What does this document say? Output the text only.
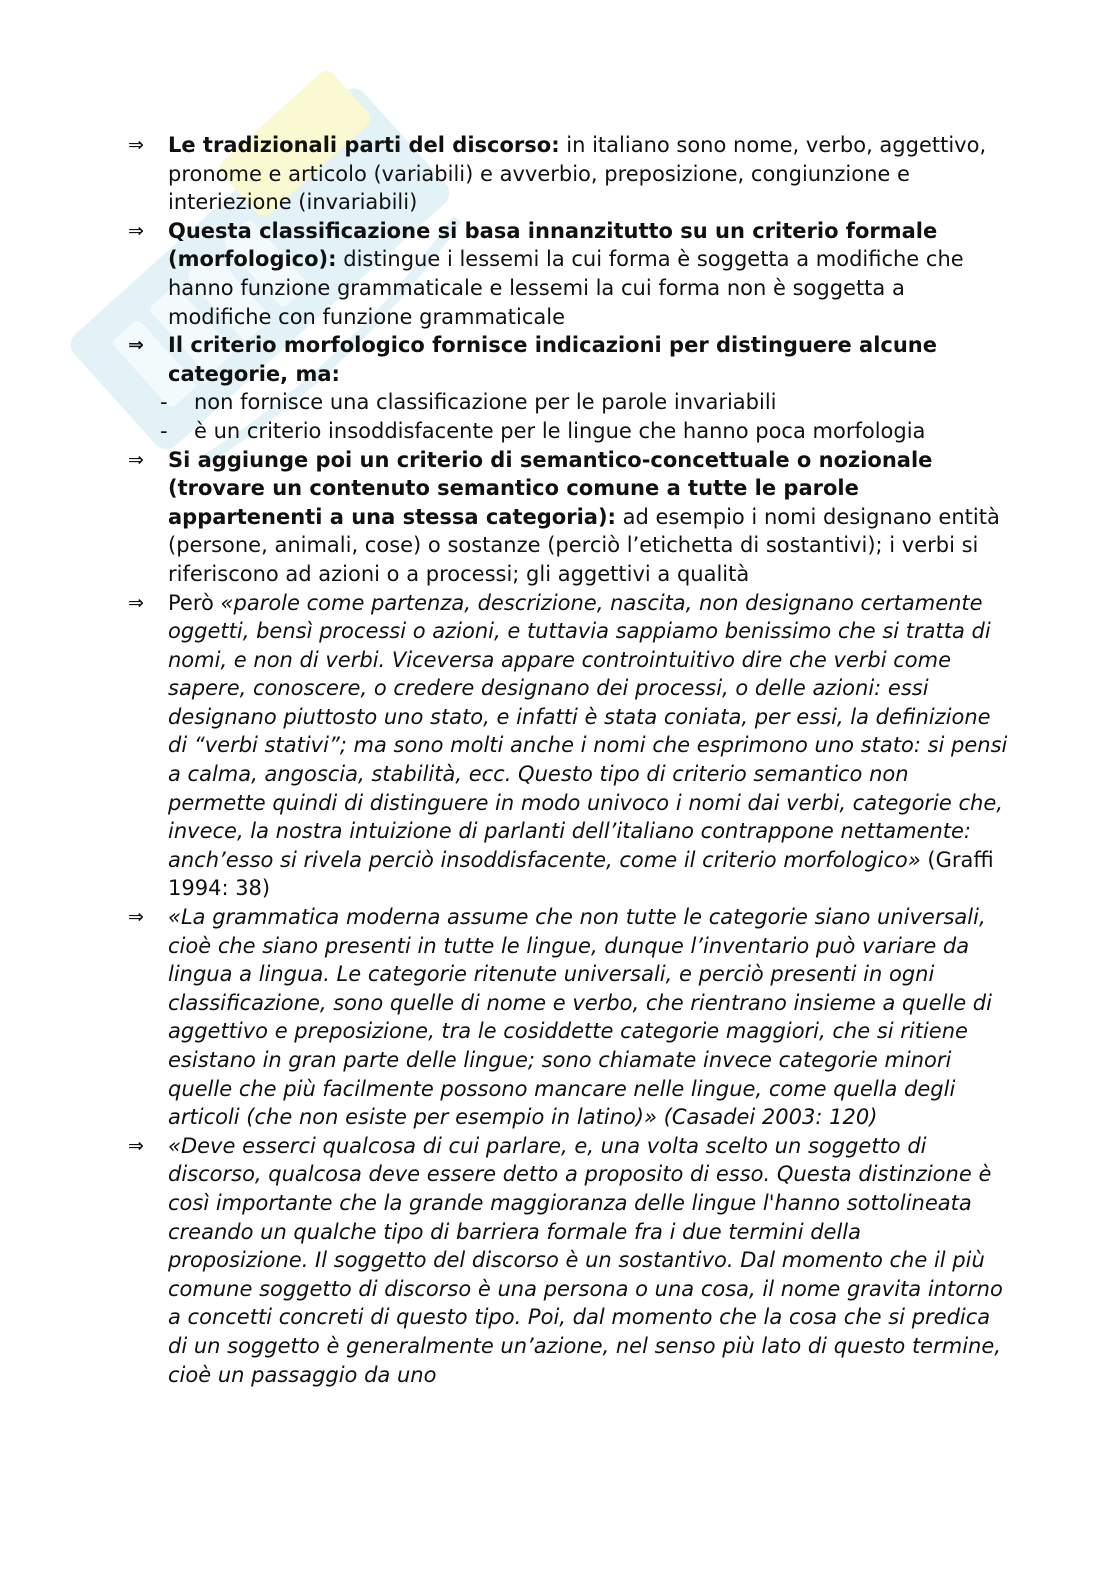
⇒	Le tradizionali parti del discorso: in italiano sono nome, verbo, aggettivo, pronome e articolo (variabili) e avverbio, preposizione, congiunzione e interiezione (invariabili)
⇒	Questa classificazione si basa innanzitutto su un criterio formale (morfologico): distingue i lessemi la cui forma è soggetta a modifiche che hanno funzione grammaticale e lessemi la cui forma non è soggetta a modifiche con funzione grammaticale
⇒	Il criterio morfologico fornisce indicazioni per distinguere alcune categorie, ma:
- non fornisce una classificazione per le parole invariabili
- è un criterio insoddisfacente per le lingue che hanno poca morfologia
⇒	Si aggiunge poi un criterio di semantico-concettuale o nozionale (trovare un contenuto semantico comune a tutte le parole appartenenti a una stessa categoria): ad esempio i nomi designano entità (persone, animali, cose) o sostanze (perciò l’etichetta di sostantivi); i verbi si riferiscono ad azioni o a processi; gli aggettivi a qualità
⇒	Però «parole come partenza, descrizione, nascita, non designano certamente oggetti, bensì processi o azioni, e tuttavia sappiamo benissimo che si tratta di nomi, e non di verbi. Viceversa appare controintuitivo dire che verbi come sapere, conoscere, o credere designano dei processi, o delle azioni: essi designano piuttosto uno stato, e infatti è stata coniata, per essi, la definizione di “verbi stativi”; ma sono molti anche i nomi che esprimono uno stato: si pensi a calma, angoscia, stabilità, ecc. Questo tipo di criterio semantico non permette quindi di distinguere in modo univoco i nomi dai verbi, categorie che, invece, la nostra intuizione di parlanti dell’italiano contrappone nettamente: anch’esso si rivela perciò insoddisfacente, come il criterio morfologico» (Graffi 1994: 38)
⇒	«La grammatica moderna assume che non tutte le categorie siano universali, cioè che siano presenti in tutte le lingue, dunque l’inventario può variare da lingua a lingua. Le categorie ritenute universali, e perciò presenti in ogni classificazione, sono quelle di nome e verbo, che rientrano insieme a quelle di aggettivo e preposizione, tra le cosiddette categorie maggiori, che si ritiene esistano in gran parte delle lingue; sono chiamate invece categorie minori quelle che più facilmente possono mancare nelle lingue, come quella degli articoli (che non esiste per esempio in latino)» (Casadei 2003: 120)
⇒	«Deve esserci qualcosa di cui parlare, e, una volta scelto un soggetto di discorso, qualcosa deve essere detto a proposito di esso. Questa distinzione è così importante che la grande maggioranza delle lingue l'hanno sottolineata creando un qualche tipo di barriera formale fra i due termini della proposizione. Il soggetto del discorso è un sostantivo. Dal momento che il più comune soggetto di discorso è una persona o una cosa, il nome gravita intorno a concetti concreti di questo tipo. Poi, dal momento che la cosa che si predica di un soggetto è generalmente un’azione, nel senso più lato di questo termine, cioè un passaggio da uno
